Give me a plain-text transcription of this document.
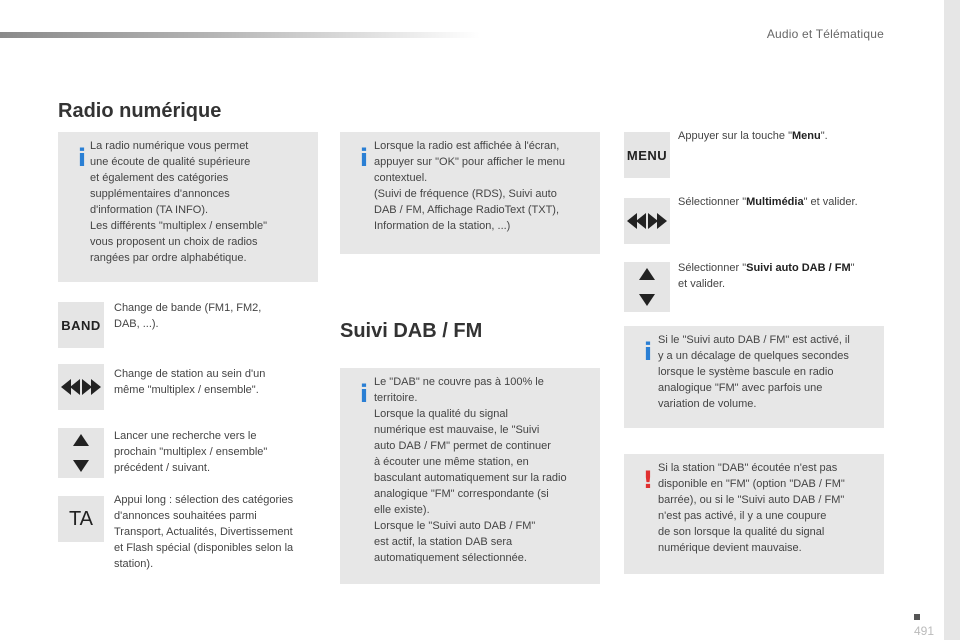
Audio et Télématique
Radio numérique
i La radio numérique vous permet
une écoute de qualité supérieure
et également des catégories
supplémentaires d'annonces
d'information (TA INFO).
Les différents "multiplex / ensemble"
vous proposent un choix de radios
rangées par ordre alphabétique.
i Lorsque la radio est affichée à l'écran,
appuyer sur "OK" pour afficher le menu
contextuel.
(Suivi de fréquence (RDS), Suivi auto
DAB / FM, Affichage RadioText (TXT),
Information de la station, ...)
BAND
Change de bande (FM1, FM2,
DAB, ...).
Change de station au sein d'un
même "multiplex / ensemble".
Lancer une recherche vers le
prochain "multiplex / ensemble"
précédent / suivant.
TA
Appui long : sélection des catégories
d'annonces souhaitées parmi
Transport, Actualités, Divertissement
et Flash spécial (disponibles selon la
station).
Suivi DAB / FM
i Le "DAB" ne couvre pas à 100% le
territoire.
Lorsque la qualité du signal
numérique est mauvaise, le "Suivi
auto DAB / FM" permet de continuer
à écouter une même station, en
basculant automatiquement sur la radio
analogique "FM" correspondante (si
elle existe).
Lorsque le "Suivi auto DAB / FM"
est actif, la station DAB sera
automatiquement sélectionnée.
MENU
Appuyer sur la touche "Menu".
Sélectionner "Multimédia" et valider.
Sélectionner "Suivi auto DAB / FM"
et valider.
i Si le "Suivi auto DAB / FM" est activé, il
y a un décalage de quelques secondes
lorsque le système bascule en radio
analogique "FM" avec parfois une
variation de volume.
! Si la station "DAB" écoutée n'est pas
disponible en "FM" (option "DAB / FM"
barrée), ou si le "Suivi auto DAB / FM"
n'est pas activé, il y a une coupure
de son lorsque la qualité du signal
numérique devient mauvaise.
491
